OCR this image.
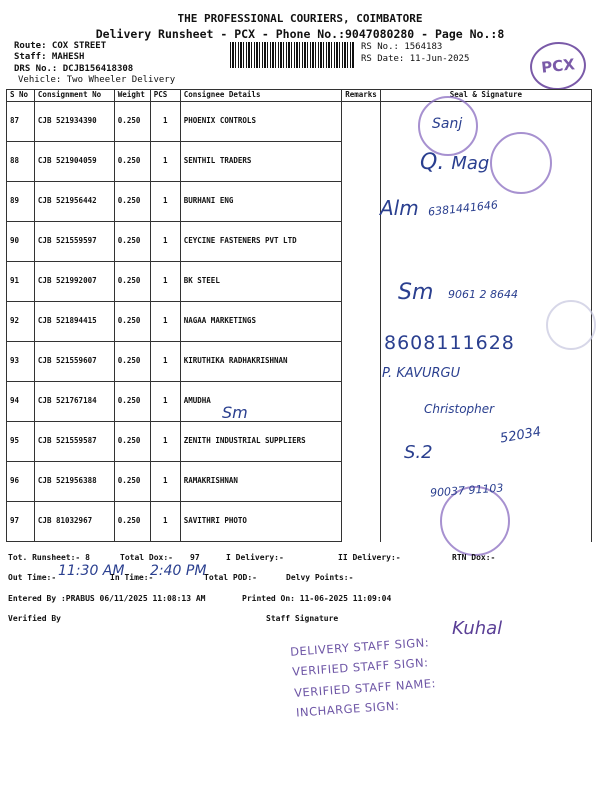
THE PROFESSIONAL COURIERS, COIMBATORE
Delivery Runsheet - PCX - Phone No.:9047080280 - Page No.:8
Route: COX STREET
Staff: MAHESH
DRS No.: DCJB156418308
Vehicle: Two Wheeler Delivery
RS No.: 1564183
RS Date: 11-Jun-2025	PCX
S No	Consignment No	Weight	PCS	Consignee Details	Remarks	Seal & Signature
87	CJB 521934390	0.250	1	PHOENIX CONTROLS		
88	CJB 521904059	0.250	1	SENTHIL TRADERS		
89	CJB 521956442	0.250	1	BURHANI ENG		
90	CJB 521559597	0.250	1	CEYCINE FASTENERS PVT LTD		
91	CJB 521992007	0.250	1	BK STEEL		
92	CJB 521894415	0.250	1	NAGAA MARKETINGS		
93	CJB 521559607	0.250	1	KIRUTHIKA RADHAKRISHNAN		
94	CJB 521767184	0.250	1	AMUDHA		
95	CJB 521559587	0.250	1	ZENITH INDUSTRIAL SUPPLIERS		
96	CJB 521956388	0.250	1	RAMAKRISHNAN		
97	CJB 81032967	0.250	1	SAVITHRI PHOTO		
Sanj
Q. Mag
Alm 6381441646
Sm 9061 2 8644
8608111628
P. KAVURGU
Sm	Christopher
S.2
52034
90037 91103
Tot. Runsheet:- 8	Total Dox:- 97	I Delivery:-	II Delivery:-	RTN Dox:-
Out Time:- 11:30 AM
In Time:-
2:40 PM
Total POD:-	Delvy Points:-
Entered By :PRABUS 06/11/2025 11:08:13 AM	Printed On: 11-06-2025 11:09:04
Verified By	Staff Signature
DELIVERY STAFF SIGN:
Kuhal
VERIFIED STAFF SIGN:
VERIFIED STAFF NAME:
INCHARGE SIGN:
